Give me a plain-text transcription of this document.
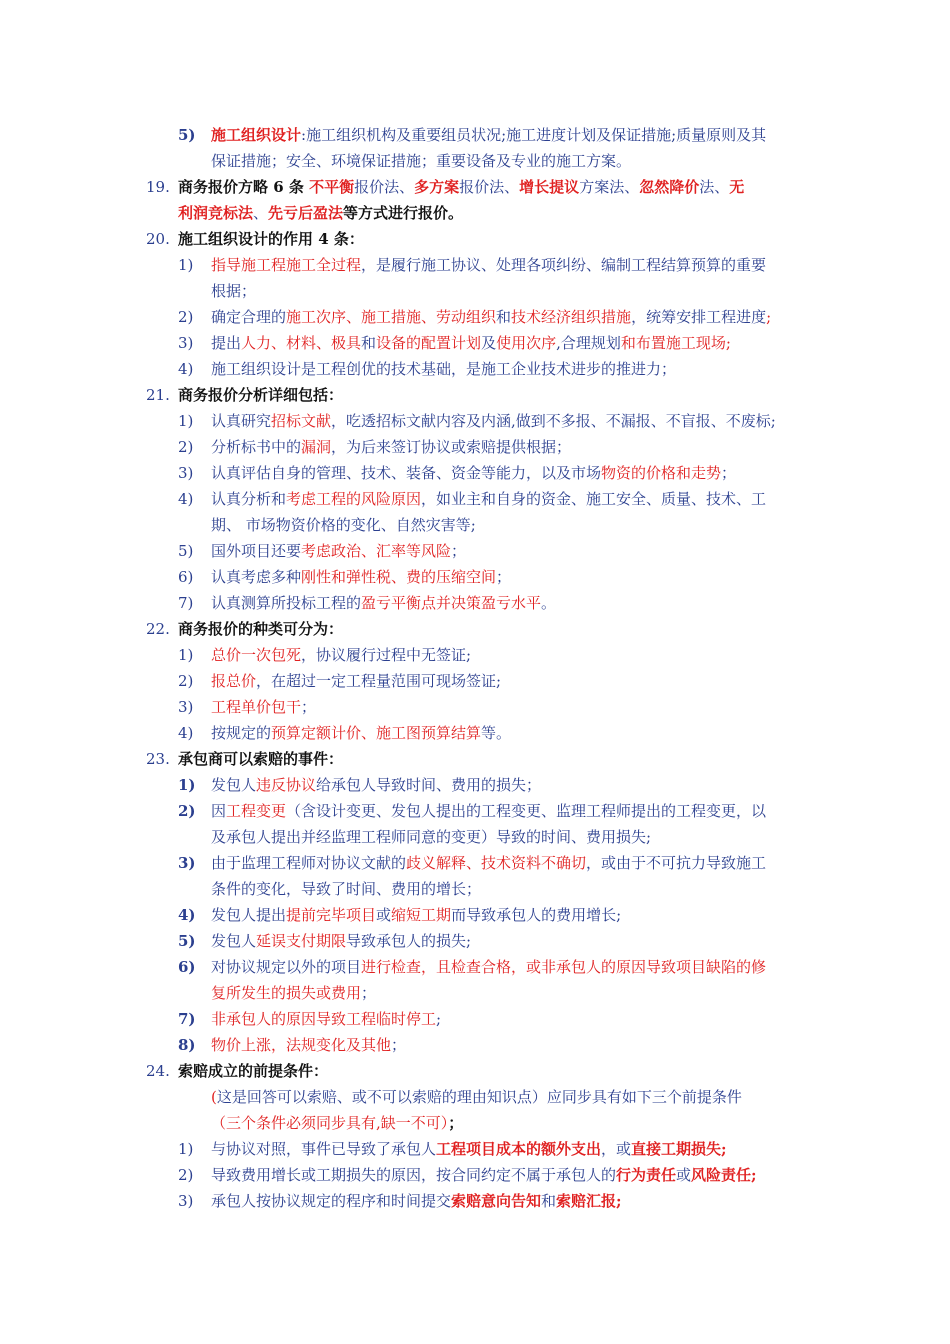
5) 施工组织设计:施工组织机构及重要组员状况;施工进度计划及保证措施;质量原则及其
保证措施；安全、环境保证措施；重要设备及专业的施工方案。
19. 商务报价方略 6 条 不平衡报价法、多方案报价法、增长提议方案法、忽然降价法、无
利润竞标法、先亏后盈法等方式进行报价。
20. 施工组织设计的作用 4 条：
1) 指导施工程施工全过程，是履行施工协议、处理各项纠纷、编制工程结算预算的重要
根据；
2) 确定合理的施工次序、施工措施、劳动组织和技术经济组织措施，统筹安排工程进度;
3) 提出人力、材料、极具和设备的配置计划及使用次序,合理规划和布置施工现场;
4) 施工组织设计是工程创优的技术基础，是施工企业技术进步的推进力；
21. 商务报价分析详细包括：
1) 认真研究招标文献，吃透招标文献内容及内涵,做到不多报、不漏报、不盲报、不废标;
2) 分析标书中的漏洞，为后来签订协议或索赔提供根据；
3) 认真评估自身的管理、技术、装备、资金等能力，以及市场物资的价格和走势；
4) 认真分析和考虑工程的风险原因，如业主和自身的资金、施工安全、质量、技术、工
期、 市场物资价格的变化、自然灾害等;
5) 国外项目还要考虑政治、汇率等风险；
6) 认真考虑多种刚性和弹性税、费的压缩空间；
7) 认真测算所投标工程的盈亏平衡点并决策盈亏水平。
22. 商务报价的种类可分为：
1) 总价一次包死，协议履行过程中无签证;
2) 报总价，在超过一定工程量范围可现场签证;
3) 工程单价包干；
4) 按规定的预算定额计价、施工图预算结算等。
23. 承包商可以索赔的事件：
1) 发包人违反协议给承包人导致时间、费用的损失；
2) 因工程变更（含设计变更、发包人提出的工程变更、监理工程师提出的工程变更，以
及承包人提出并经监理工程师同意的变更）导致的时间、费用损失;
3) 由于监理工程师对协议文献的歧义解释、技术资料不确切，或由于不可抗力导致施工
条件的变化，导致了时间、费用的增长；
4) 发包人提出提前完毕项目或缩短工期而导致承包人的费用增长;
5) 发包人延误支付期限导致承包人的损失;
6) 对协议规定以外的项目进行检查，且检查合格，或非承包人的原因导致项目缺陷的修
复所发生的损失或费用；
7) 非承包人的原因导致工程临时停工;
8) 物价上涨，法规变化及其他；
24. 索赔成立的前提条件：
(这是回答可以索赔、或不可以索赔的理由知识点）应同步具有如下三个前提条件
（三个条件必须同步具有,缺一不可）；
1) 与协议对照，事件已导致了承包人工程项目成本的额外支出，或直接工期损失;
2) 导致费用增长或工期损失的原因，按合同约定不属于承包人的行为责任或风险责任;
3) 承包人按协议规定的程序和时间提交索赔意向告知和索赔汇报;
